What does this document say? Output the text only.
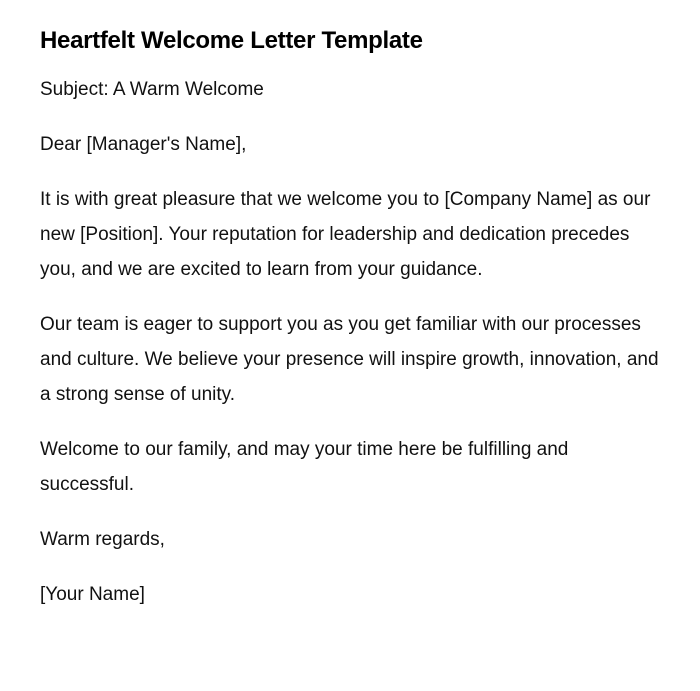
Heartfelt Welcome Letter Template

Subject: A Warm Welcome

Dear [Manager's Name],

It is with great pleasure that we welcome you to [Company Name] as our new [Position]. Your reputation for leadership and dedication precedes you, and we are excited to learn from your guidance.

Our team is eager to support you as you get familiar with our processes and culture. We believe your presence will inspire growth, innovation, and a strong sense of unity.

Welcome to our family, and may your time here be fulfilling and successful.

Warm regards,

[Your Name]
